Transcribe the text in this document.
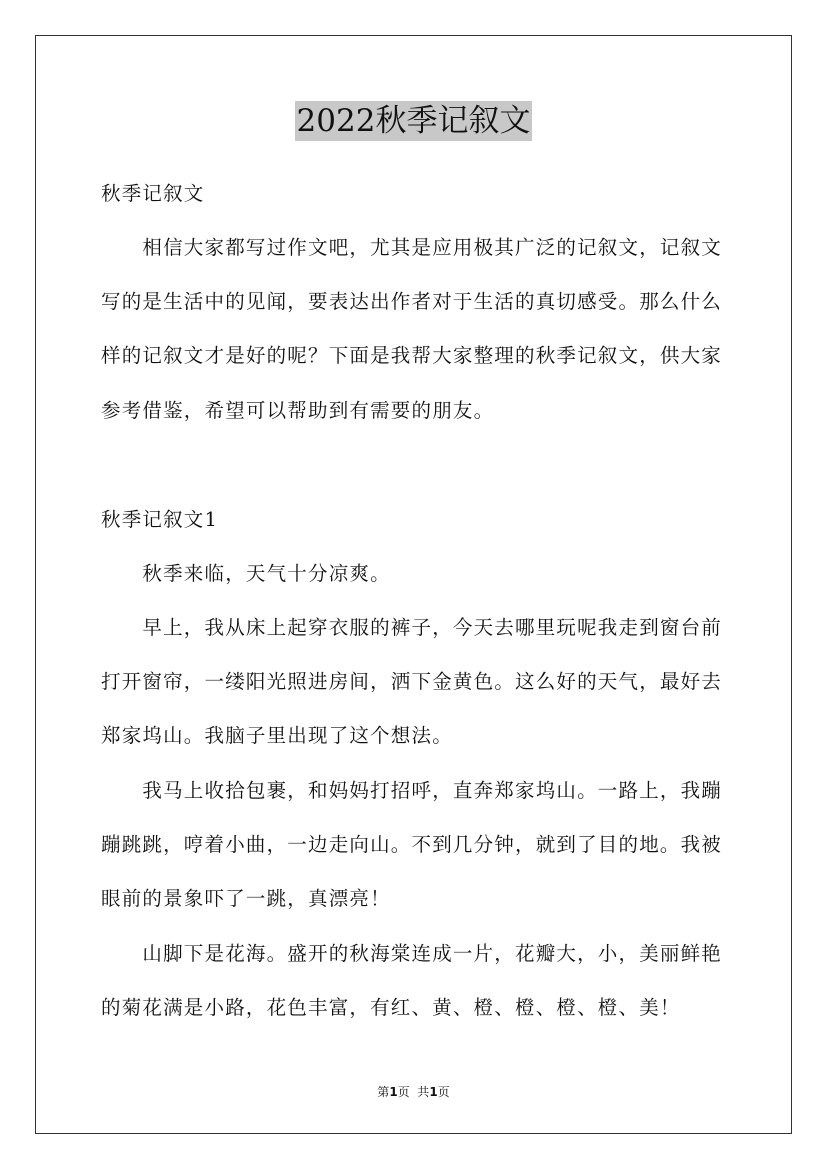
2022秋季记叙文
秋季记叙文
　　相信大家都写过作文吧，尤其是应用极其广泛的记叙文，记叙文
写的是生活中的见闻，要表达出作者对于生活的真切感受。那么什么
样的记叙文才是好的呢？下面是我帮大家整理的秋季记叙文，供大家
参考借鉴，希望可以帮助到有需要的朋友。
秋季记叙文1
　　秋季来临，天气十分凉爽。
　　早上，我从床上起穿衣服的裤子，今天去哪里玩呢我走到窗台前
打开窗帘，一缕阳光照进房间，洒下金黄色。这么好的天气，最好去
郑家坞山。我脑子里出现了这个想法。
　　我马上收拾包裹，和妈妈打招呼，直奔郑家坞山。一路上，我蹦
蹦跳跳，哼着小曲，一边走向山。不到几分钟，就到了目的地。我被
眼前的景象吓了一跳，真漂亮！
　　山脚下是花海。盛开的秋海棠连成一片，花瓣大，小，美丽鲜艳
的菊花满是小路，花色丰富，有红、黄、橙、橙、橙、橙、美！
第1页  共1页
